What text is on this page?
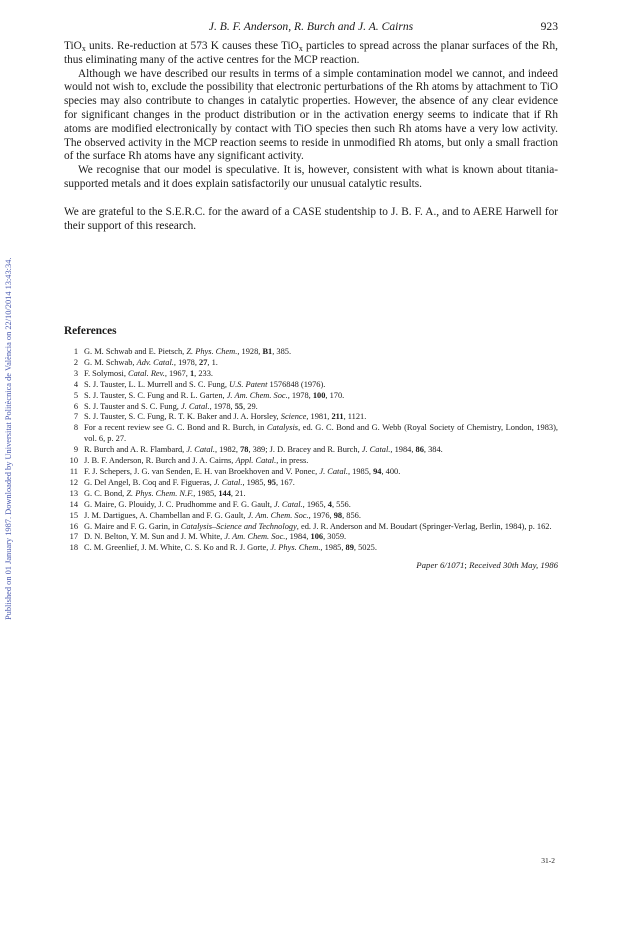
Published on 01 January 1987. Downloaded by Universitat Politècnica de València on 22/10/2014 13:43:34.
J. B. F. Anderson, R. Burch and J. A. Cairns	923

TiO$_x$ units. Re-reduction at 573 K causes these TiO$_x$ particles to spread across the planar surfaces of the Rh, thus eliminating many of the active centres for the MCP reaction.

Although we have described our results in terms of a simple contamination model we cannot, and indeed would not wish to, exclude the possibility that electronic perturbations of the Rh atoms by attachment to TiO species may also contribute to changes in catalytic properties. However, the absence of any clear evidence for significant changes in the product distribution or in the activation energy seems to indicate that if Rh atoms are modified electronically by contact with TiO species then such Rh atoms have a very low activity. The observed activity in the MCP reaction seems to reside in unmodified Rh atoms, but only a small fraction of the surface Rh atoms have any significant activity.

We recognise that our model is speculative. It is, however, consistent with what is known about titania-supported metals and it does explain satisfactorily our unusual catalytic results.

We are grateful to the S.E.R.C. for the award of a CASE studentship to J. B. F. A., and to AERE Harwell for their support of this research.

References
1 G. M. Schwab and E. Pietsch, Z. Phys. Chem., 1928, B1, 385.
2 G. M. Schwab, Adv. Catal., 1978, 27, 1.
3 F. Solymosi, Catal. Rev., 1967, 1, 233.
4 S. J. Tauster, L. L. Murrell and S. C. Fung, U.S. Patent 1576848 (1976).
5 S. J. Tauster, S. C. Fung and R. L. Garten, J. Am. Chem. Soc., 1978, 100, 170.
6 S. J. Tauster and S. C. Fung, J. Catal., 1978, 55, 29.
7 S. J. Tauster, S. C. Fung, R. T. K. Baker and J. A. Horsley, Science, 1981, 211, 1121.
8 For a recent review see G. C. Bond and R. Burch, in Catalysis, ed. G. C. Bond and G. Webb (Royal Society of Chemistry, London, 1983), vol. 6, p. 27.
9 R. Burch and A. R. Flambard, J. Catal., 1982, 78, 389; J. D. Bracey and R. Burch, J. Catal., 1984, 86, 384.
10 J. B. F. Anderson, R. Burch and J. A. Cairns, Appl. Catal., in press.
11 F. J. Schepers, J. G. van Senden, E. H. van Broekhoven and V. Ponec, J. Catal., 1985, 94, 400.
12 G. Del Angel, B. Coq and F. Figueras, J. Catal., 1985, 95, 167.
13 G. C. Bond, Z. Phys. Chem. N.F., 1985, 144, 21.
14 G. Maire, G. Plouidy, J. C. Prudhomme and F. G. Gault, J. Catal., 1965, 4, 556.
15 J. M. Dartigues, A. Chambellan and F. G. Gault, J. Am. Chem. Soc., 1976, 98, 856.
16 G. Maire and F. G. Garin, in Catalysis–Science and Technology, ed. J. R. Anderson and M. Boudart (Springer-Verlag, Berlin, 1984), p. 162.
17 D. N. Belton, Y. M. Sun and J. M. White, J. Am. Chem. Soc., 1984, 106, 3059.
18 C. M. Greenlief, J. M. White, C. S. Ko and R. J. Gorte, J. Phys. Chem., 1985, 89, 5025.
Paper 6/1071; Received 30th May, 1986
31-2
